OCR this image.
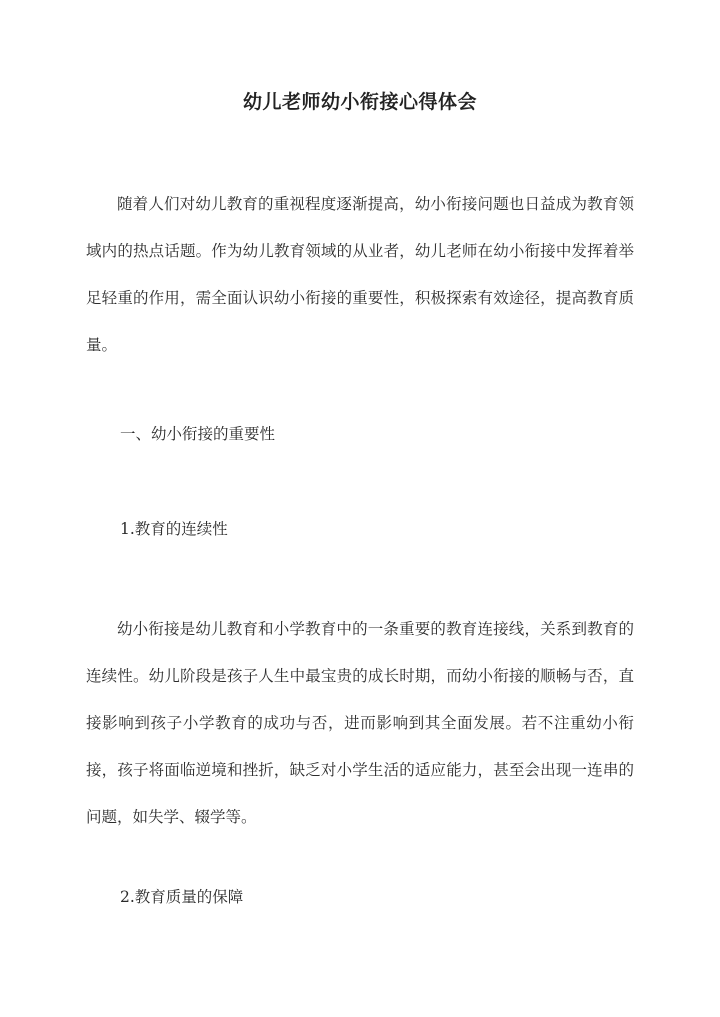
幼儿老师幼小衔接心得体会

随着人们对幼儿教育的重视程度逐渐提高，幼小衔接问题也日益成为教育领域内的热点话题。作为幼儿教育领域的从业者，幼儿老师在幼小衔接中发挥着举足轻重的作用，需全面认识幼小衔接的重要性，积极探索有效途径，提高教育质量。

一、幼小衔接的重要性
1.教育的连续性

幼小衔接是幼儿教育和小学教育中的一条重要的教育连接线，关系到教育的连续性。幼儿阶段是孩子人生中最宝贵的成长时期，而幼小衔接的顺畅与否，直接影响到孩子小学教育的成功与否，进而影响到其全面发展。若不注重幼小衔接，孩子将面临逆境和挫折，缺乏对小学生活的适应能力，甚至会出现一连串的问题，如失学、辍学等。

2.教育质量的保障
